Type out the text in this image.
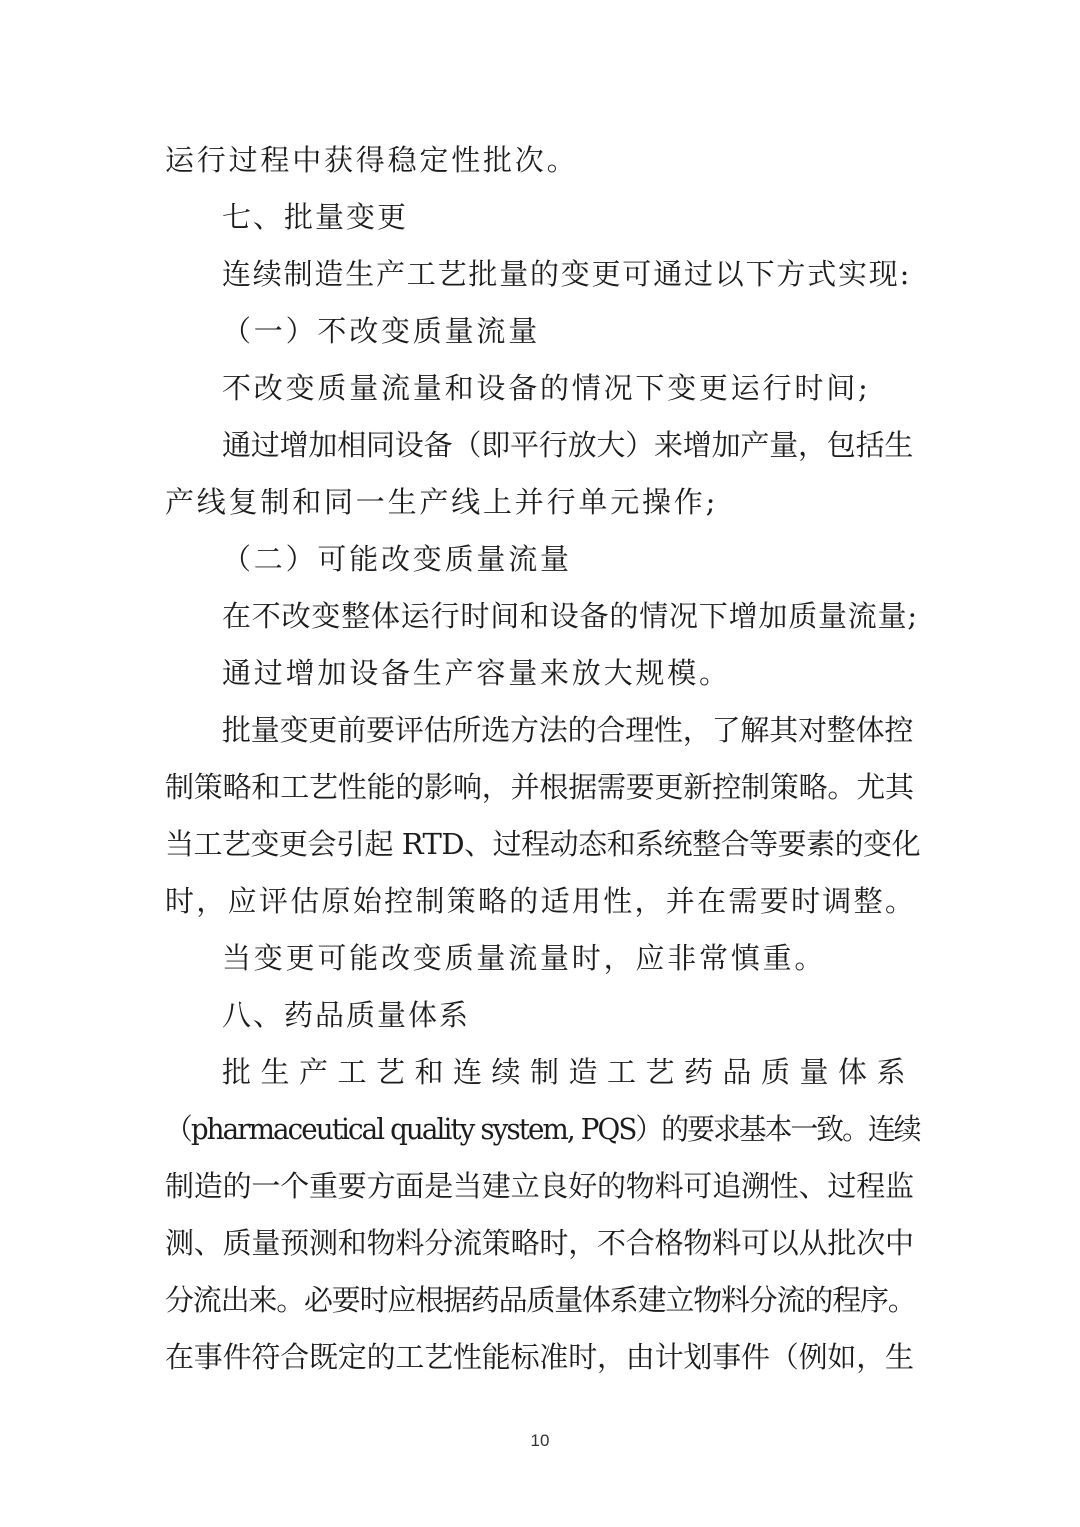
运行过程中获得稳定性批次。
七、批量变更
连续制造生产工艺批量的变更可通过以下方式实现:
（一）不改变质量流量
不改变质量流量和设备的情况下变更运行时间;
通过增加相同设备（即平行放大）来增加产量，包括生
产线复制和同一生产线上并行单元操作;
（二）可能改变质量流量
在不改变整体运行时间和设备的情况下增加质量流量;
通过增加设备生产容量来放大规模。
批量变更前要评估所选方法的合理性，了解其对整体控
制策略和工艺性能的影响，并根据需要更新控制策略。尤其
当工艺变更会引起 RTD、过程动态和系统整合等要素的变化
时，应评估原始控制策略的适用性，并在需要时调整。
当变更可能改变质量流量时，应非常慎重。
八、药品质量体系
批生产工艺和连续制造工艺药品质量体系
（pharmaceutical quality system, PQS）的要求基本一致。连续
制造的一个重要方面是当建立良好的物料可追溯性、过程监
测、质量预测和物料分流策略时，不合格物料可以从批次中
分流出来。必要时应根据药品质量体系建立物料分流的程序。
在事件符合既定的工艺性能标准时，由计划事件（例如，生
10
